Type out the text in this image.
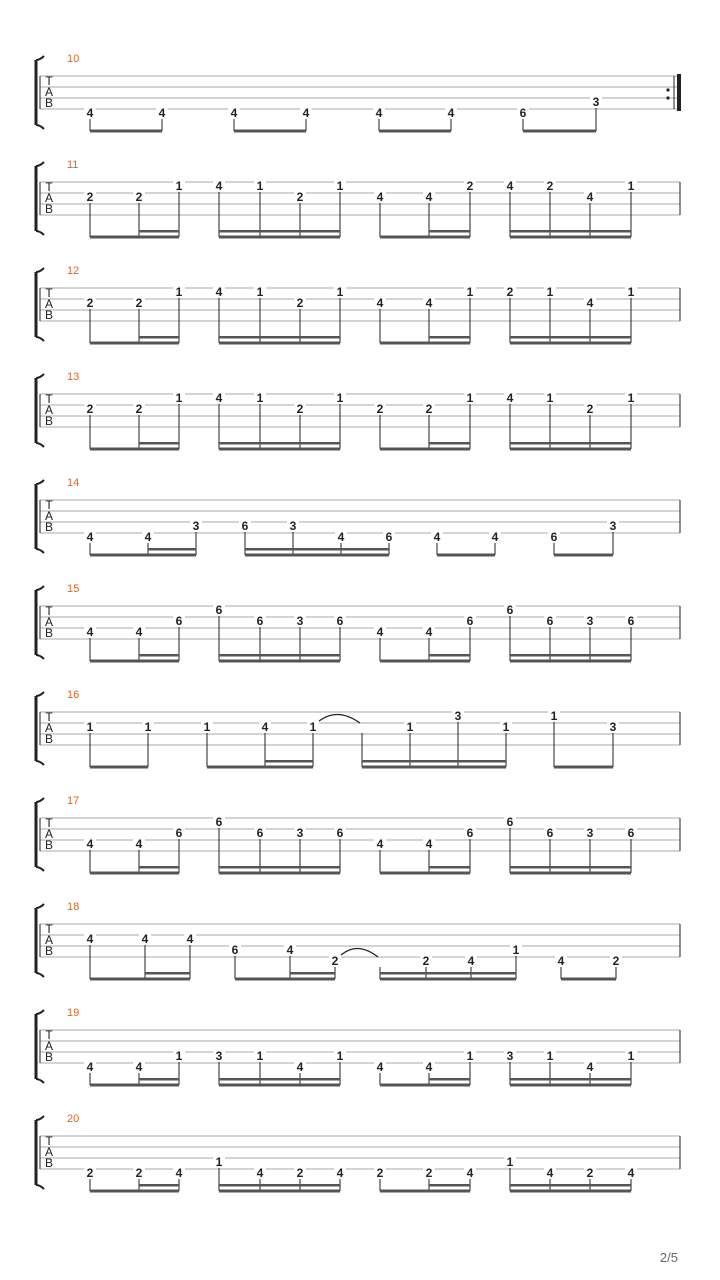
T
A
B
10
4	4	4	4	4	4	6
3
T
A
B
11
2	2
1	4	1
2
1
4	4
2	4	2
4
1
T
A
B
12
2	2
1	4	1
2
1
4	4
1	2	1
4
1
T
A
B
13
2	2
1	4	1
2
1
2	2
1	4	1
2
1
T
A
B
14
4	4
3	6	3
4	6	4	4	6
3
T
A
B
15
4	4
6
6
6	3	6
4	4
6
6
6	3	6
T
A
B
16
1	1	1	4	1	1
3
1
1
3
T
A
B
17
4	4
6
6
6	3	6
4	4
6
6
6	3	6
T
A
B
18
4	4	4
6	4
2	2	4
1
4	2
T
A
B
19
4	4
1	3	1
4
1
4	4
1	3	1
4
1
T
A
B
20
2	2	4
1
4	2	4	2	2	4
1
4	2	4
2/5
